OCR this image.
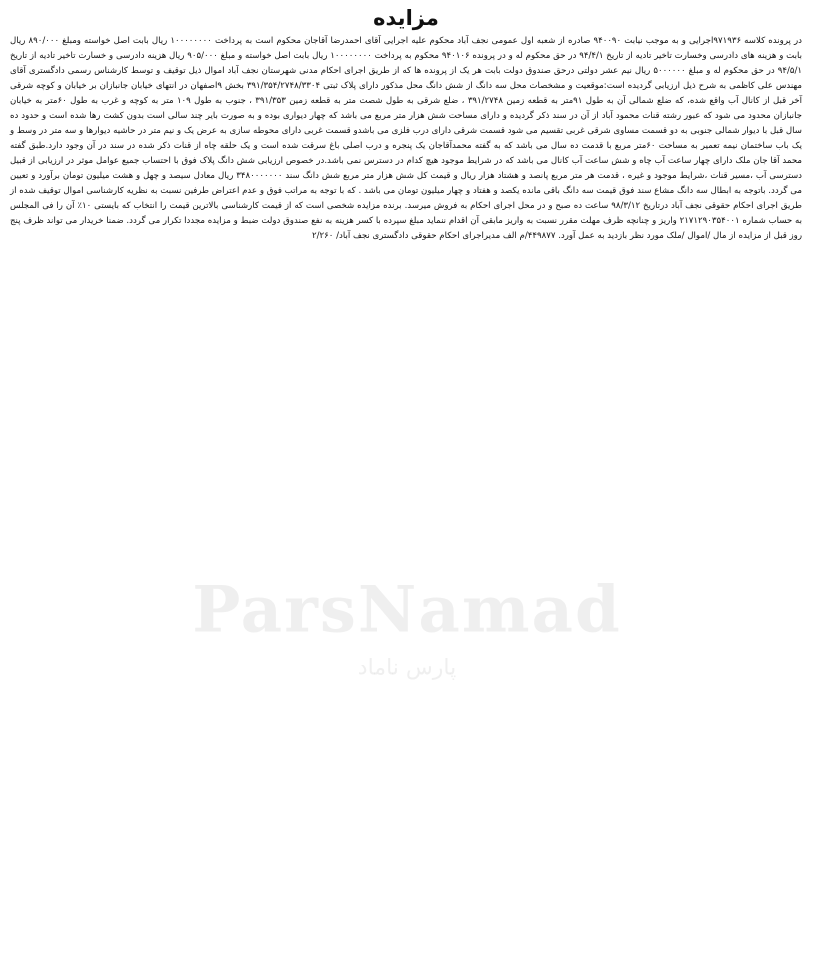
ParsNamad
پارس ناماد
مزایده

در پرونده کلاسه ۹۷۱۹۳۶اجرایی و به موجب نیابت ۹۴۰۰۹۰ صادره از شعبه اول عمومی نجف آباد محکوم علیه اجرایی آقای احمدرضا آقاجان محکوم است به پرداخت ۱۰۰۰۰۰۰۰۰ ریال بابت اصل خواسته ومبلغ ۸۹۰/۰۰۰ ریال بابت و هزینه های دادرسی وخسارت تاخیر تادیه از تاریخ ۹۴/۴/۱ در حق محکوم له و در پرونده ۹۴۰۱۰۶ محکوم به پرداخت ۱۰۰۰۰۰۰۰۰ ریال بابت اصل خواسته و مبلغ ۹۰۵/۰۰۰ ریال هزینه دادرسی و خسارت تاخیر تادیه از تاریخ ۹۴/۵/۱ در حق محکوم له و مبلغ ۵۰۰۰۰۰۰ ریال نیم عشر دولتی درحق صندوق دولت بابت هر یک از پرونده ها که از طریق اجرای احکام مدنی شهرستان نجف آباد اموال ذیل توقیف و توسط کارشناس رسمی دادگستری آقای مهندس علی کاظمی به شرح ذیل ارزیابی گردیده است:موقعیت و مشخصات محل سه دانگ از شش دانگ محل مذکور دارای پلاک ثبتی ۳۹۱/۳۵۴/۲۷۴۸/۳۳۰۴ بخش ۹اصفهان در انتهای خیابان جانبازان بر خیابان و کوچه شرقی آخر قبل از کانال آب واقع شده، که ضلع شمالی آن به طول ۹۱متر به قطعه زمین ۳۹۱/۲۷۴۸ ، ضلع شرقی به طول شصت متر به قطعه زمین ۳۹۱/۳۵۳ ، جنوب به طول ۱۰۹ متر به کوچه و غرب به طول ۶۰متر به خیابان جانبازان محدود می شود که عبور رشته قنات محمود آباد از آن در سند ذکر گردیده و دارای مساحت شش هزار متر مربع می باشد که چهار دیواری بوده و به صورت بایر چند سالی است بدون کشت رها شده است و حدود ده سال قبل با دیوار شمالی جنوبی به دو قسمت مساوی شرقی غربی تقسیم می شود قسمت شرقی دارای درب فلزی می باشدو قسمت غربی دارای محوطه سازی به عرض یک و نیم متر در حاشیه دیوارها و سه متر در وسط و یک باب ساختمان نیمه تعمیر به مساحت ۶۰متر مربع با قدمت ده سال می باشد که به گفته محمدآقاجان یک پنجره و درب اصلی باغ سرقت شده است و یک حلقه چاه از قنات ذکر شده در سند در آن وجود دارد.طبق گفته محمد آقا جان ملک دارای چهار ساعت آب چاه و شش ساعت آب کانال می باشد که در شرایط موجود هیچ کدام در دسترس نمی باشد.در خصوص ارزیابی شش دانگ پلاک فوق با احتساب جمیع عوامل موثر در ارزیابی از قبیل دسترسی آب ،مسیر قنات ،شرایط موجود و غیره ، قدمت هر متر مربع پانصد و هشتاد هزار ریال و قیمت کل شش هزار متر مربع شش دانگ سند ۳۴۸۰۰۰۰۰۰۰ ریال معادل سیصد و چهل و هشت میلیون تومان برآورد و تعیین می گردد. باتوجه به ابطال سه دانگ مشاع سند فوق قیمت سه دانگ باقی مانده یکصد و هفتاد و چهار میلیون تومان می باشد . که با توجه به مراتب فوق و عدم اعتراض طرفین نسبت به نظریه کارشناسی اموال توقیف شده از طریق اجرای احکام حقوقی نجف آباد درتاریخ ۹۸/۳/۱۲ ساعت ده صبح و در محل اجرای احکام به فروش میرسد. برنده مزایده شخصی است که از قیمت کارشناسی بالاترین قیمت را انتخاب که بایستی ۱۰٪ آن را فی المجلس به حساب شماره ۲۱۷۱۲۹۰۳۵۴۰۰۱ واریز و چنانچه ظرف مهلت مقرر نسبت به واریز مابقی آن اقدام ننماید مبلغ سپرده با کسر هزینه به نفع صندوق دولت ضبط و مزایده مجددا تکرار می گردد. ضمنا خریدار می تواند ظرف پنج روز قبل از مزایده از مال /اموال /ملک مورد نظر بازدید به عمل آورد. ۴۴۹۸۷۷/م الف مدیراجرای احکام حقوقی دادگستری نجف آباد/ ۲/۲۶۰
